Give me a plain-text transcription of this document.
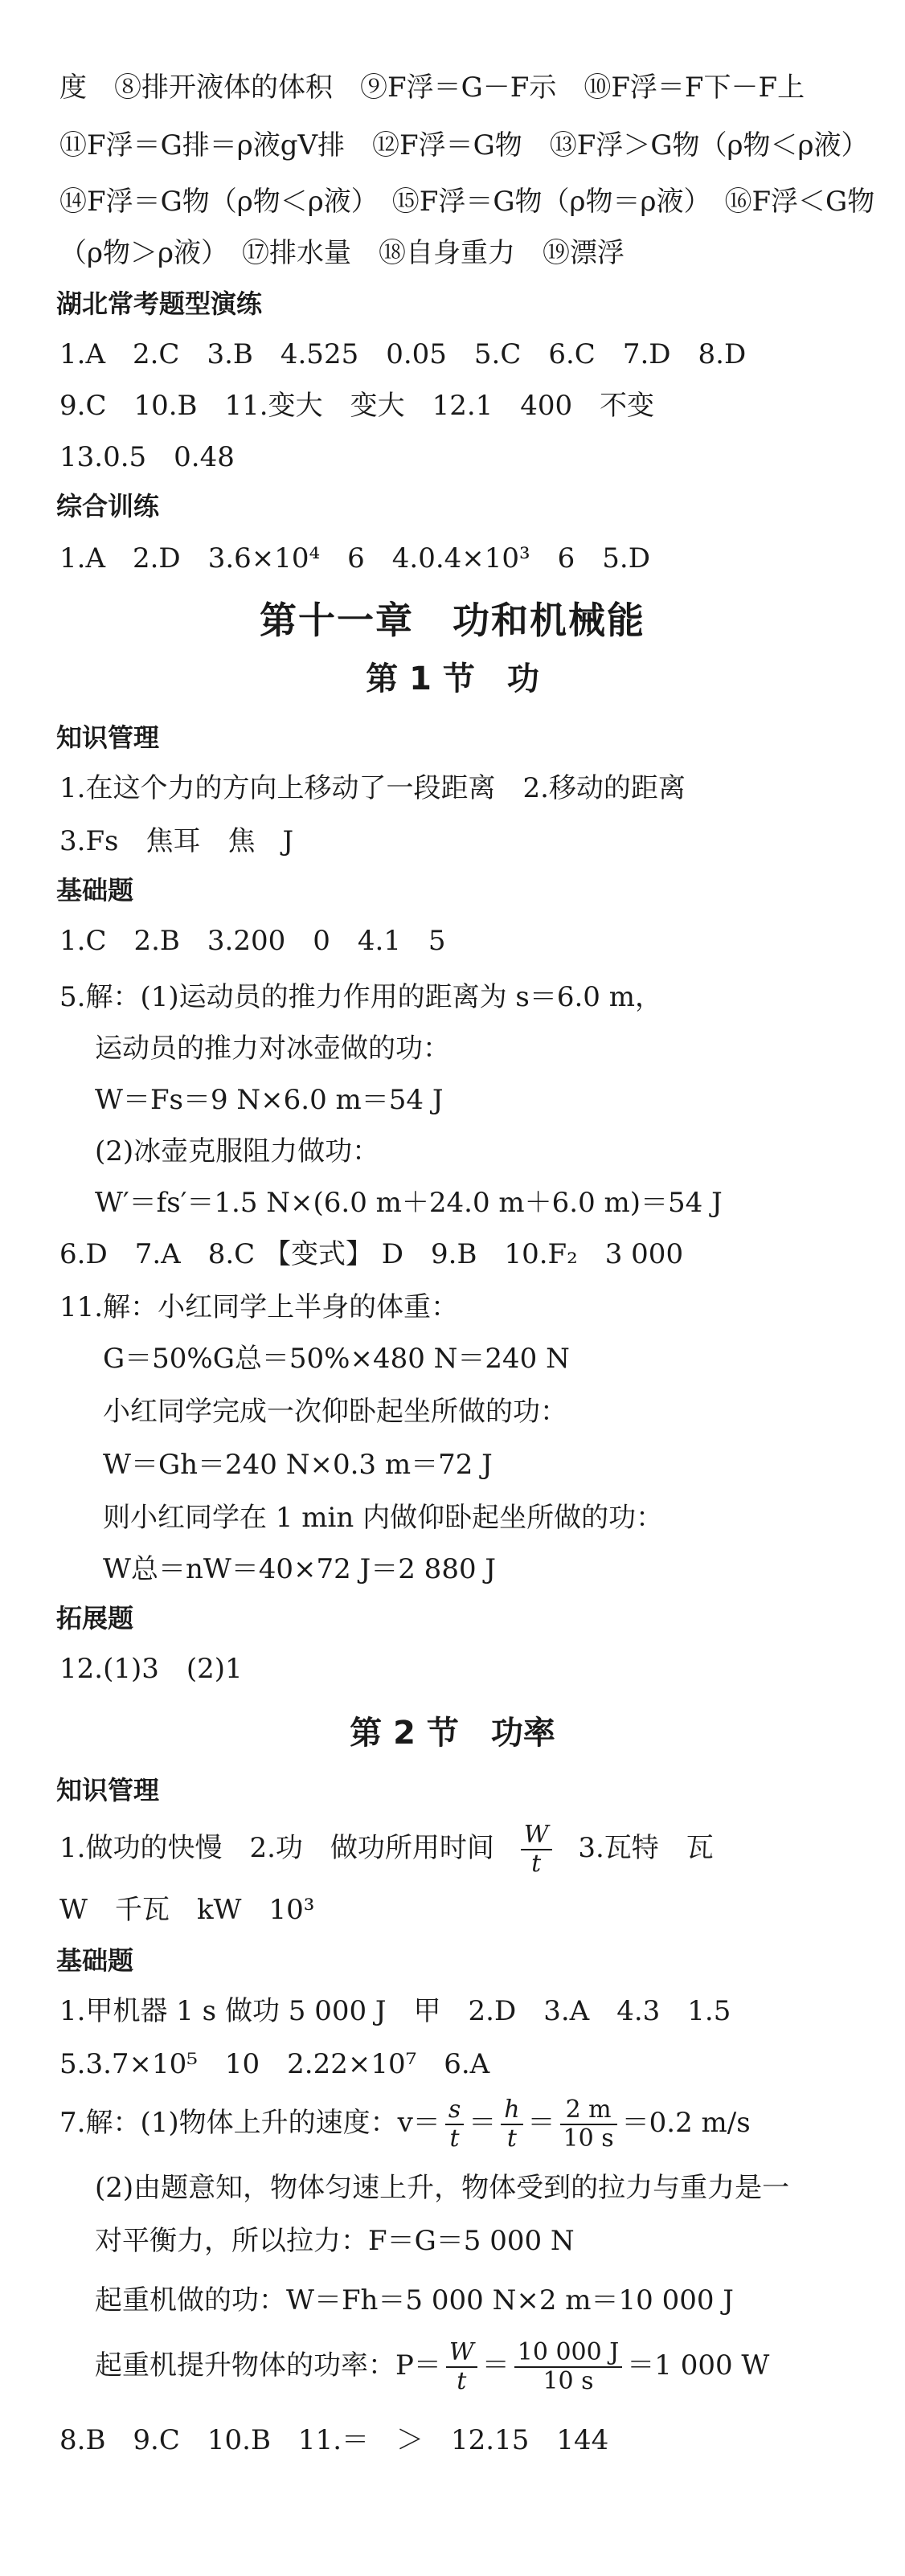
度　⑧排开液体的体积　⑨F浮＝G－F示　⑩F浮＝F下－F上
⑪F浮＝G排＝ρ液gV排　⑫F浮＝G物　⑬F浮＞G物（ρ物＜ρ液）
⑭F浮＝G物（ρ物＜ρ液）　⑮F浮＝G物（ρ物＝ρ液）　⑯F浮＜G物
（ρ物＞ρ液）　⑰排水量　⑱自身重力　⑲漂浮
湖北常考题型演练
1.A　2.C　3.B　4.525　0.05　5.C　6.C　7.D　8.D
9.C　10.B　11.变大　变大　12.1　400　不变
13.0.5　0.48
综合训练
1.A　2.D　3.6×10⁴　6　4.0.4×10³　6　5.D
第十一章　功和机械能
第 1 节　功
知识管理
1.在这个力的方向上移动了一段距离　2.移动的距离
3.Fs　焦耳　焦　J
基础题
1.C　2.B　3.200　0　4.1　5
5.解：(1)运动员的推力作用的距离为 s＝6.0 m，
运动员的推力对冰壶做的功：
W＝Fs＝9 N×6.0 m＝54 J
(2)冰壶克服阻力做功：
W′＝fs′＝1.5 N×(6.0 m＋24.0 m＋6.0 m)＝54 J
6.D　7.A　8.C 【变式】 D　9.B　10.F₂　3 000
11.解：小红同学上半身的体重：
G＝50%G总＝50%×480 N＝240 N
小红同学完成一次仰卧起坐所做的功：
W＝Gh＝240 N×0.3 m＝72 J
则小红同学在 1 min 内做仰卧起坐所做的功：
W总＝nW＝40×72 J＝2 880 J
拓展题
12.(1)3　(2)1
第 2 节　功率
知识管理
1.做功的快慢　2.功　做功所用时间 $\frac{W}{t} 3$.瓦特　瓦
W　千瓦　kW　10³
基础题
1.甲机器 1 s 做功 5 000 J　甲　2.D　3.A　4.3　1.5
5.3.7×10⁵　10　2.22×10⁷　6.A
7.解：(1)物体上升的速度：$v= \frac{s}{t} = \frac{h}{t} = \frac{2 m}{10 s} =0.2$ m/s
(2)由题意知，物体匀速上升，物体受到的拉力与重力是一
对平衡力，所以拉力：F＝G＝5 000 N
起重机做的功：W＝Fh＝5 000 N×2 m＝10 000 J
起重机提升物体的功率：$P= \frac{W}{t} = \frac{10 000 J}{10 s} =1$ 000 W
8.B　9.C　10.B　11.＝　＞　12.15　144
